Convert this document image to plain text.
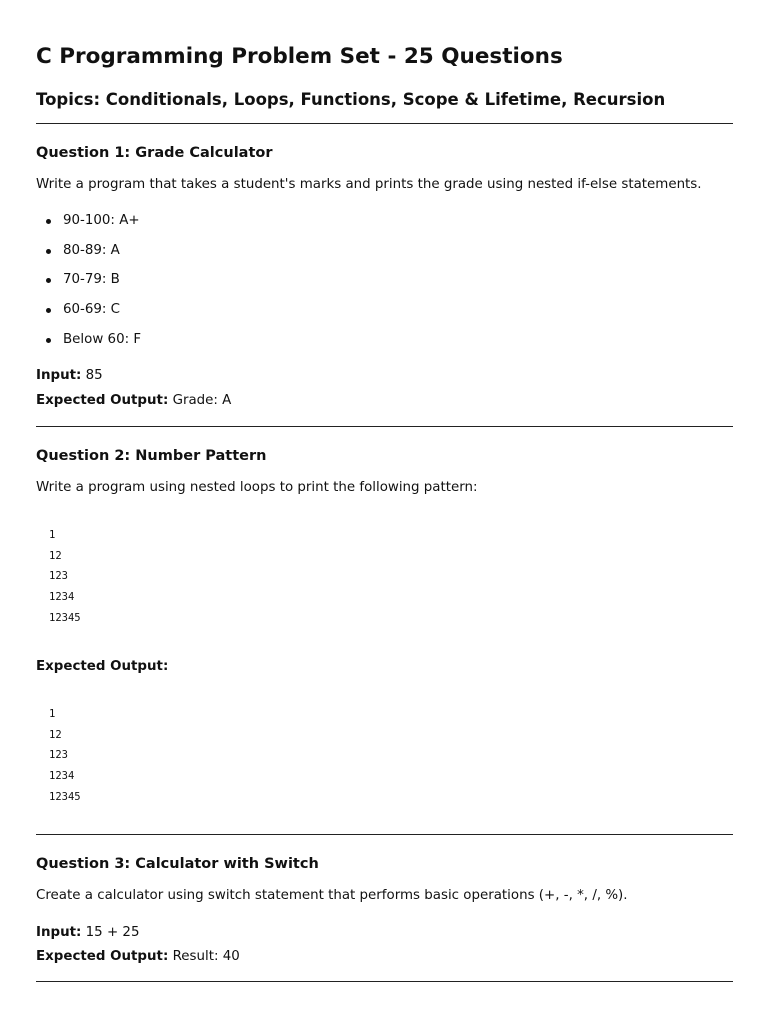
C Programming Problem Set - 25 Questions
Topics: Conditionals, Loops, Functions, Scope & Lifetime, Recursion
Question 1: Grade Calculator

Write a program that takes a student's marks and prints the grade using nested if-else statements.

90-100: A+
80-89: A
70-79: B
60-69: C
Below 60: F

Input: 85

Expected Output: Grade: A

Question 2: Number Pattern

Write a program using nested loops to print the following pattern:

1
12
123
1234
12345

Expected Output:

1
12
123
1234
12345
Question 3: Calculator with Switch

Create a calculator using switch statement that performs basic operations (+, -, *, /, %).

Input: 15 + 25

Expected Output: Result: 40
